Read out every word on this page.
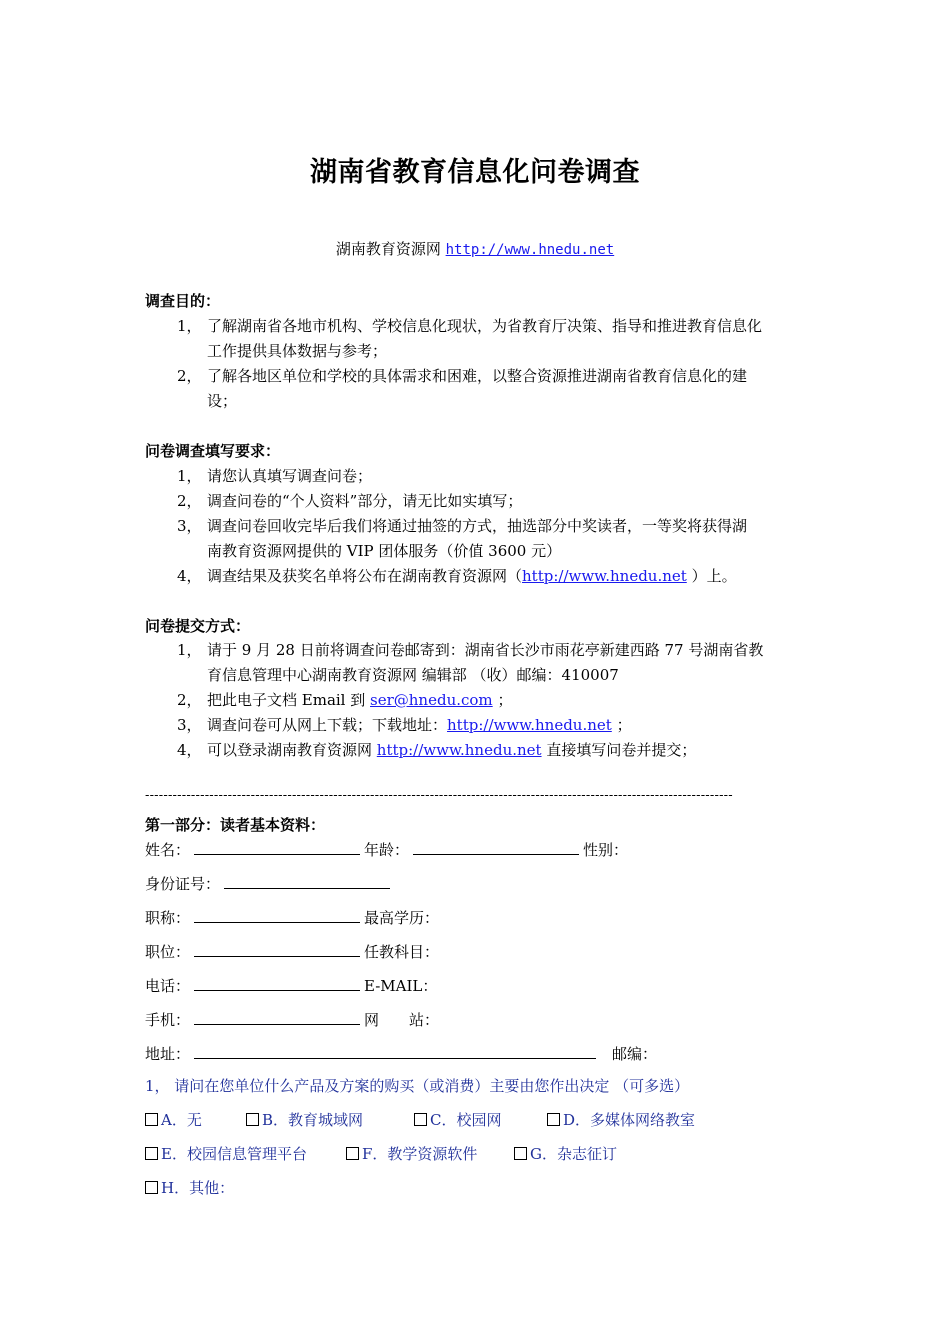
湖南省教育信息化问卷调查
湖南教育资源网 http://www.hnedu.net
调查目的：
1， 了解湖南省各地市机构、学校信息化现状，为省教育厅决策、指导和推进教育信息化
工作提供具体数据与参考；
2， 了解各地区单位和学校的具体需求和困难，以整合资源推进湖南省教育信息化的建
设；
问卷调查填写要求：
1， 请您认真填写调查问卷；
2， 调查问卷的“个人资料”部分，请无比如实填写；
3， 调查问卷回收完毕后我们将通过抽签的方式，抽选部分中奖读者，一等奖将获得湖
南教育资源网提供的 VIP 团体服务（价值 3600 元）
4， 调查结果及获奖名单将公布在湖南教育资源网（http://www.hnedu.net ）上。
问卷提交方式：
1， 请于 9 月 28 日前将调查问卷邮寄到：湖南省长沙市雨花亭新建西路 77 号湖南省教
育信息管理中心湖南教育资源网 编辑部 （收）邮编：410007
2， 把此电子文档 Email 到 ser@hnedu.com ；
3， 调查问卷可从网上下载；下载地址：http://www.hnedu.net ；
4， 可以登录湖南教育资源网 http://www.hnedu.net 直接填写问卷并提交；
--------------------------------------------------------------------------------------------------------------------------------
第一部分：读者基本资料：
姓名：	年龄：	性别：
身份证号：
职称：	最高学历：
职位：	任教科目：
电话：	E-MAIL：
手机：	网　　站：
地址：	邮编：
1， 请问在您单位什么产品及方案的购买（或消费）主要由您作出决定 （可多选）
A．无	B．教育城域网	C．校园网	D．多媒体网络教室
E．校园信息管理平台	F．教学资源软件	G．杂志征订
H．其他：
